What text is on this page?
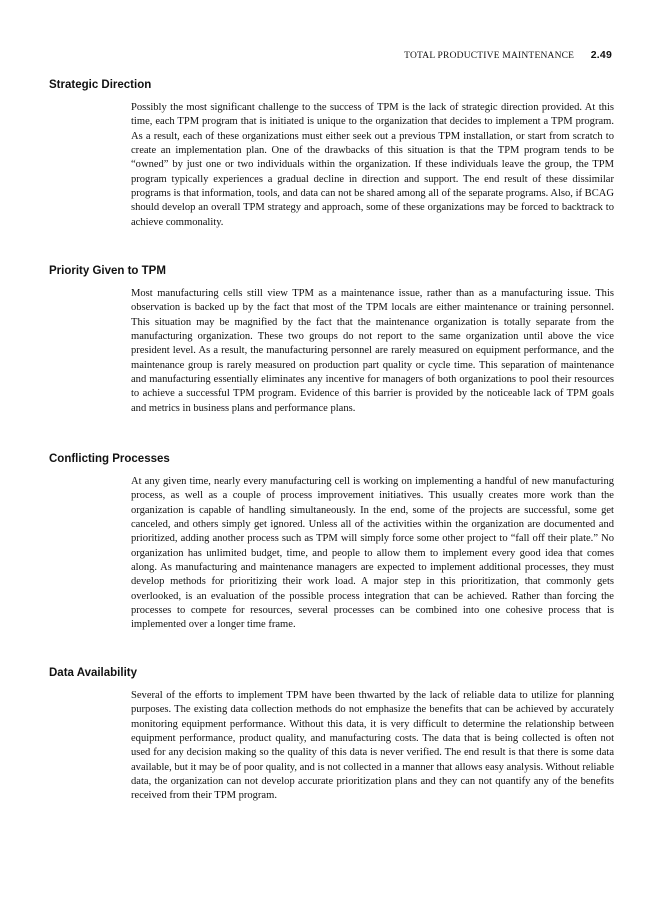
TOTAL PRODUCTIVE MAINTENANCE 2.49
Strategic Direction

Possibly the most significant challenge to the success of TPM is the lack of strategic direction provided. At this time, each TPM program that is initiated is unique to the organization that decides to implement a TPM program. As a result, each of these organizations must either seek out a previous TPM installation, or start from scratch to create an implementation plan. One of the drawbacks of this situation is that the TPM program tends to be “owned” by just one or two individuals within the organization. If these individuals leave the group, the TPM program typically experiences a gradual decline in direction and support. The end result of these dissimilar programs is that information, tools, and data can not be shared among all of the separate programs. Also, if BCAG should develop an overall TPM strategy and approach, some of these organizations may be forced to backtrack to achieve commonality.

Priority Given to TPM

Most manufacturing cells still view TPM as a maintenance issue, rather than as a manufacturing issue. This observation is backed up by the fact that most of the TPM locals are either maintenance or training personnel. This situation may be magnified by the fact that the maintenance organization is totally separate from the manufacturing organization. These two groups do not report to the same organization until above the vice president level. As a result, the manufacturing personnel are rarely measured on equipment performance, and the maintenance group is rarely measured on production part quality or cycle time. This separation of maintenance and manufacturing essentially eliminates any incentive for managers of both organizations to pool their resources to achieve a successful TPM program. Evidence of this barrier is provided by the noticeable lack of TPM goals and metrics in business plans and performance plans.

Conflicting Processes

At any given time, nearly every manufacturing cell is working on implementing a handful of new manufacturing process, as well as a couple of process improvement initiatives. This usually creates more work than the organization is capable of handling simultaneously. In the end, some of the projects are successful, some get canceled, and others simply get ignored. Unless all of the activities within the organization are documented and prioritized, adding another process such as TPM will simply force some other project to “fall off their plate.” No organization has unlimited budget, time, and people to allow them to implement every good idea that comes along. As manufacturing and maintenance managers are expected to implement additional processes, they must develop methods for prioritizing their work load. A major step in this prioritization, that commonly gets overlooked, is an evaluation of the possible process integration that can be achieved. Rather than forcing the processes to compete for resources, several processes can be combined into one cohesive process that is implemented over a longer time frame.

Data Availability

Several of the efforts to implement TPM have been thwarted by the lack of reliable data to utilize for planning purposes. The existing data collection methods do not emphasize the benefits that can be achieved by accurately monitoring equipment performance. Without this data, it is very difficult to determine the relationship between equipment performance, product quality, and manufacturing costs. The data that is being collected is often not used for any decision making so the quality of this data is never verified. The end result is that there is some data available, but it may be of poor quality, and is not collected in a manner that allows easy analysis. Without reliable data, the organization can not develop accurate prioritization plans and they can not quantify any of the benefits received from their TPM program.
